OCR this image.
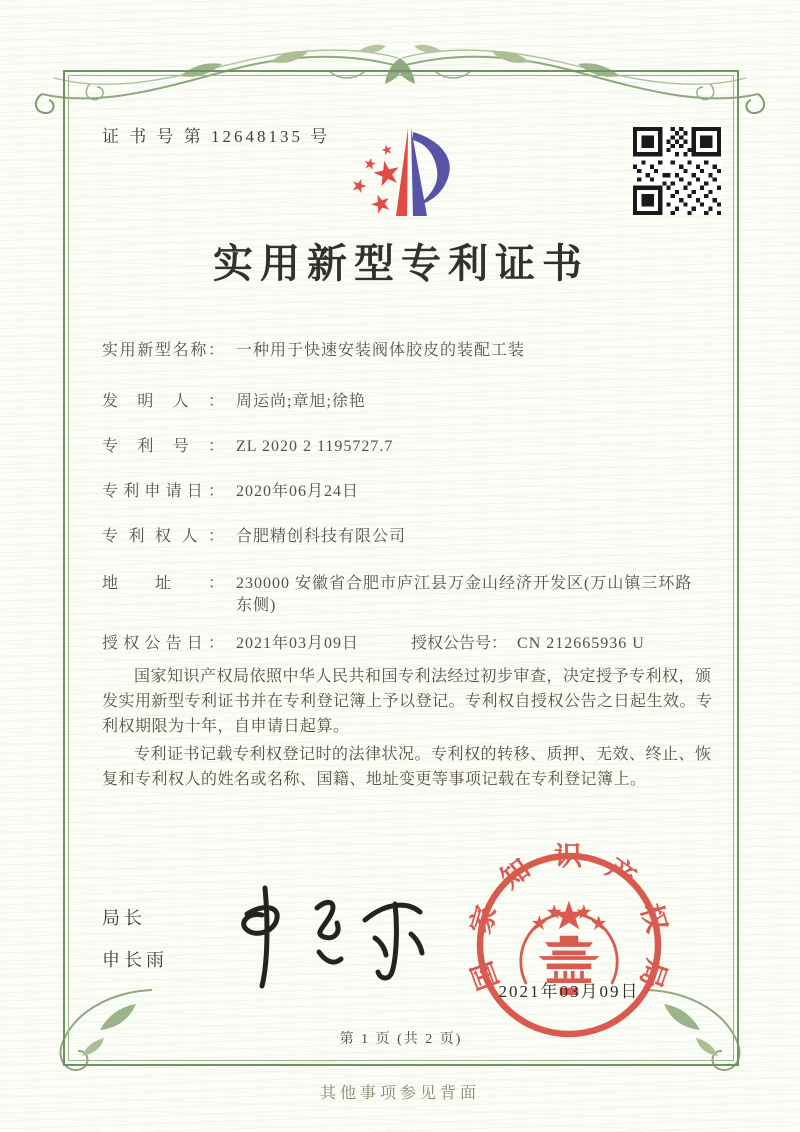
证 书 号 第 12648135 号
实用新型专利证书
实用新型名称： 一种用于快速安装阀体胶皮的装配工装
发明人： 周运尚;章旭;徐艳
专利号： ZL 2020 2 1195727.7
专利申请日： 2020年06月24日
专利权人： 合肥精创科技有限公司
地址： 230000 安徽省合肥市庐江县万金山经济开发区(万山镇三环路东侧)
授权公告日： 2021年03月09日	授权公告号： CN 212665936 U

国家知识产权局依照中华人民共和国专利法经过初步审查，决定授予专利权，颁发实用新型专利证书并在专利登记簿上予以登记。专利权自授权公告之日起生效。专利权期限为十年，自申请日起算。

专利证书记载专利权登记时的法律状况。专利权的转移、质押、无效、终止、恢复和专利权人的姓名或名称、国籍、地址变更等事项记载在专利登记簿上。

局长
申长雨	国家知识产权局
2021年03月09日
第 1 页 (共 2 页)
其他事项参见背面
